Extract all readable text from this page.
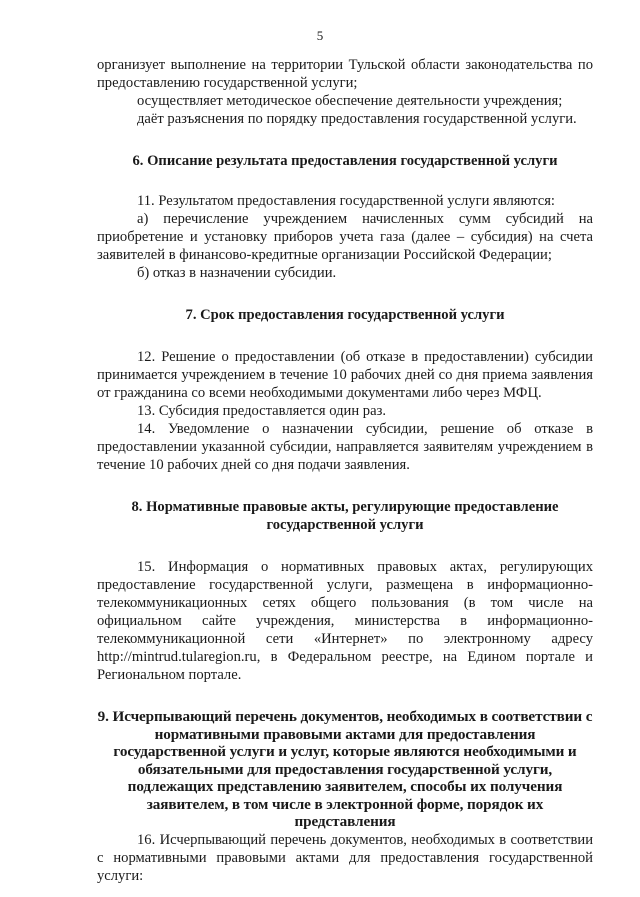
5

организует выполнение на территории Тульской области законодательства по предоставлению государственной услуги;

осуществляет методическое обеспечение деятельности учреждения;

даёт разъяснения по порядку предоставления государственной услуги.

6. Описание результата предоставления государственной услуги

11. Результатом предоставления государственной услуги являются:

а) перечисление учреждением начисленных сумм субсидий на приобретение и установку приборов учета газа (далее – субсидия) на счета заявителей в финансово-кредитные организации Российской Федерации;

б) отказ в назначении субсидии.

7. Срок предоставления государственной услуги

12. Решение о предоставлении (об отказе в предоставлении) субсидии принимается учреждением в течение 10 рабочих дней со дня приема заявления от гражданина со всеми необходимыми документами либо через МФЦ.

13. Субсидия предоставляется один раз.

14. Уведомление о назначении субсидии, решение об отказе в предоставлении указанной субсидии, направляется заявителям учреждением в течение 10 рабочих дней со дня подачи заявления.

8. Нормативные правовые акты, регулирующие предоставление государственной услуги

15. Информация о нормативных правовых актах, регулирующих предоставление государственной услуги, размещена в информационно-телекоммуникационных сетях общего пользования (в том числе на официальном сайте учреждения, министерства в информационно-телекоммуникационной сети «Интернет» по электронному адресу http://mintrud.tularegion.ru, в Федеральном реестре, на Едином портале и Региональном портале.

9. Исчерпывающий перечень документов, необходимых в соответствии с нормативными правовыми актами для предоставления государственной услуги и услуг, которые являются необходимыми и обязательными для предоставления государственной услуги, подлежащих представлению заявителем, способы их получения заявителем, в том числе в электронной форме, порядок их представления

16. Исчерпывающий перечень документов, необходимых в соответствии с нормативными правовыми актами для предоставления государственной услуги:
